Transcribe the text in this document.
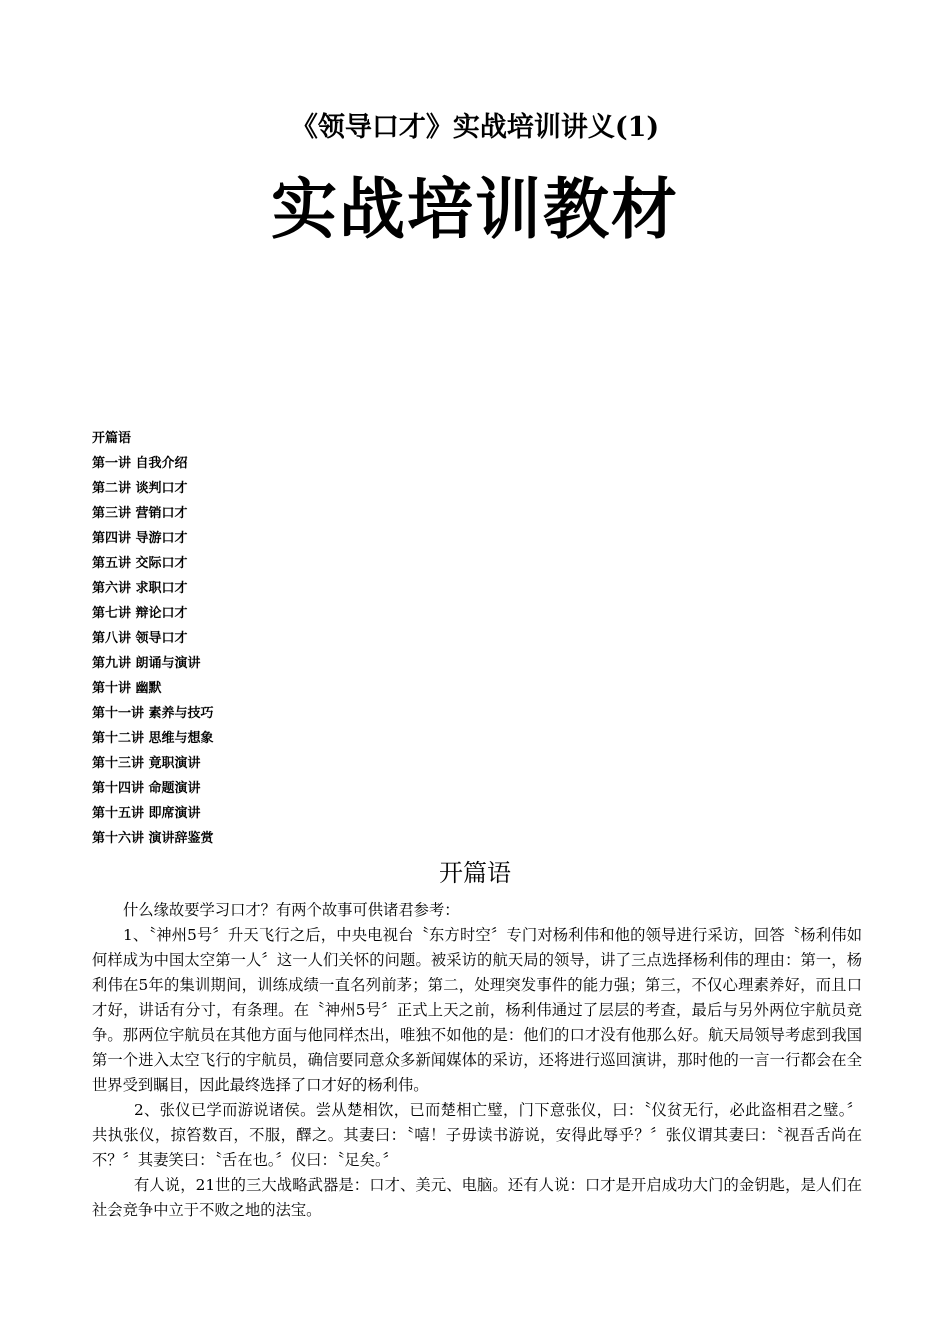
《领导口才》实战培训讲义(1)
实战培训教材
开篇语
第一讲 自我介绍
第二讲 谈判口才
第三讲 营销口才
第四讲 导游口才
第五讲 交际口才
第六讲 求职口才
第七讲 辩论口才
第八讲 领导口才
第九讲 朗诵与演讲
第十讲 幽默
第十一讲 素养与技巧
第十二讲 思维与想象
第十三讲 竟职演讲
第十四讲 命题演讲
第十五讲 即席演讲
第十六讲 演讲辞鉴赏
开篇语

什么缘故要学习口才？有两个故事可供诸君参考：

1、〝神州5号〞升天飞行之后，中央电视台〝东方时空〞专门对杨利伟和他的领导进行采访，回答〝杨利伟如何样成为中国太空第一人〞这一人们关怀的问题。被采访的航天局的领导，讲了三点选择杨利伟的理由：第一，杨利伟在5年的集训期间，训练成绩一直名列前茅；第二，处理突发事件的能力强；第三，不仅心理素养好，而且口才好，讲话有分寸，有条理。在〝神州5号〞正式上天之前，杨利伟通过了层层的考查，最后与另外两位宇航员竞争。那两位宇航员在其他方面与他同样杰出，唯独不如他的是：他们的口才没有他那么好。航天局领导考虑到我国第一个进入太空飞行的宇航员，确信要同意众多新闻媒体的采访，还将进行巡回演讲，那时他的一言一行都会在全世界受到瞩目，因此最终选择了口才好的杨利伟。

2、张仪已学而游说诸侯。尝从楚相饮，已而楚相亡璧，门下意张仪，曰：〝仪贫无行，必此盗相君之璧。〞共执张仪，掠笞数百，不服，醳之。其妻曰：〝嘻！子毋读书游说，安得此辱乎？〞张仪谓其妻曰：〝视吾舌尚在不？〞其妻笑曰：〝舌在也。〞仪曰：〝足矣。〞

有人说，21世的三大战略武器是：口才、美元、电脑。还有人说：口才是开启成功大门的金钥匙，是人们在社会竞争中立于不败之地的法宝。
